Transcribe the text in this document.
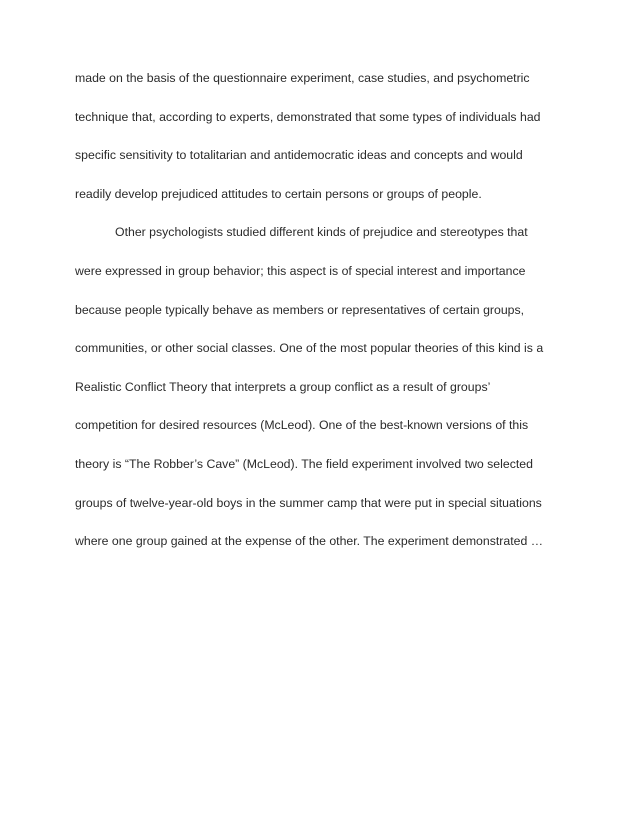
made on the basis of the questionnaire experiment, case studies, and psychometric
technique that, according to experts, demonstrated that some types of individuals had
specific sensitivity to totalitarian and antidemocratic ideas and concepts and would
readily develop prejudiced attitudes to certain persons or groups of people.
Other psychologists studied different kinds of prejudice and stereotypes that
were expressed in group behavior; this aspect is of special interest and importance
because people typically behave as members or representatives of certain groups,
communities, or other social classes. One of the most popular theories of this kind is a
Realistic Conflict Theory that interprets a group conflict as a result of groups’
competition for desired resources (McLeod). One of the best-known versions of this
theory is “The Robber’s Cave” (McLeod). The field experiment involved two selected
groups of twelve-year-old boys in the summer camp that were put in special situations
where one group gained at the expense of the other. The experiment demonstrated …
